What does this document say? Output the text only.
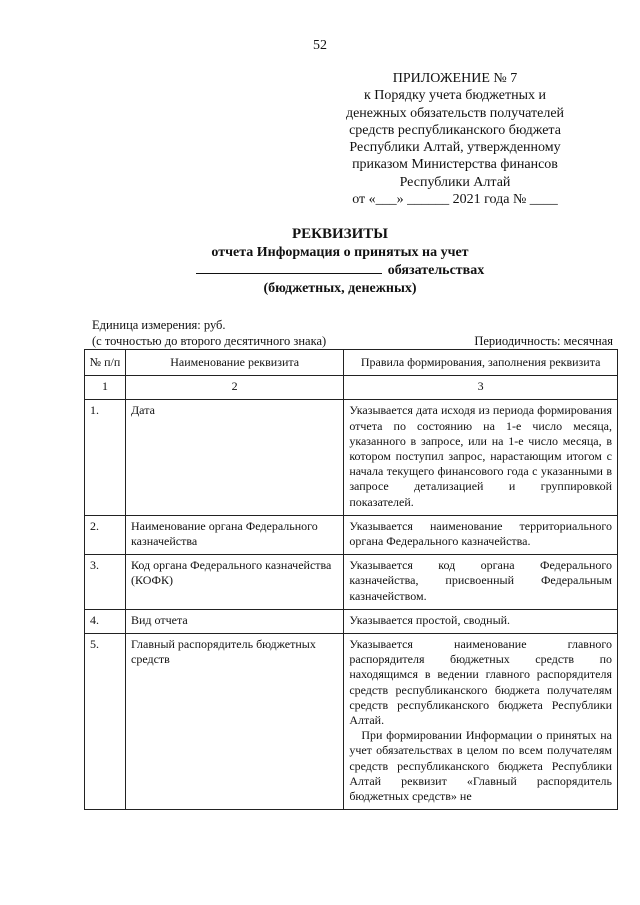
52
ПРИЛОЖЕНИЕ № 7
к Порядку учета бюджетных и
денежных обязательств получателей
средств республиканского бюджета
Республики Алтай, утвержденному
приказом Министерства финансов
Республики Алтай
от «___» ______ 2021 года № ____
РЕКВИЗИТЫ
отчета Информация о принятых на учет
обязательствах
(бюджетных, денежных)
Единица измерения: руб.
(с точностью до второго десятичного знака)	Периодичность: месячная
№ п/п	Наименование реквизита	Правила формирования, заполнения реквизита
1	2	3
1.	Дата	Указывается дата исходя из периода формирования отчета по состоянию на 1-е число месяца, указанного в запросе, или на 1-е число месяца, в котором поступил запрос, нарастающим итогом с начала текущего финансового года с указанными в запросе детализацией и группировкой показателей.
2.	Наименование органа Федерального казначейства	Указывается наименование территориального органа Федерального казначейства.
3.	Код органа Федерального казначейства (КОФК)	Указывается код органа Федерального казначейства, присвоенный Федеральным казначейством.
4.	Вид отчета	Указывается простой, сводный.
5.	Главный распорядитель бюджетных средств	Указывается наименование главного распорядителя бюджетных средств по находящимся в ведении главного распорядителя средств республиканского бюджета получателям средств республиканского бюджета Республики Алтай.

При формировании Информации о принятых на учет обязательствах в целом по всем получателям средств республиканского бюджета Республики Алтай реквизит «Главный распорядитель бюджетных средств» не
